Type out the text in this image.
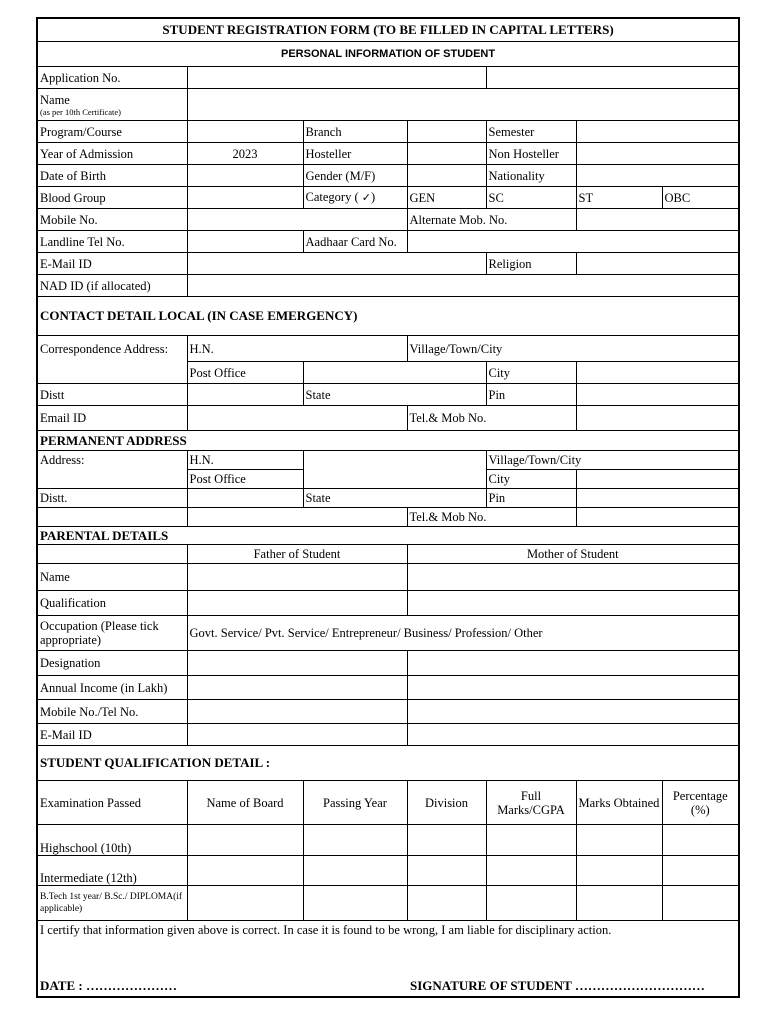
STUDENT REGISTRATION FORM (TO BE FILLED IN CAPITAL LETTERS)						
PERSONAL INFORMATION OF STUDENT						
Application No.						

Name
(as per 10th Certificate)						

Program/Course		Branch		Semester		
Year of Admission	2023	Hosteller		Non Hosteller		
Date of Birth		Gender (M/F)		Nationality		
Blood Group		Category ( ✓)	GEN	SC	ST	OBC
Mobile No.			Alternate Mob. No.			
Landline Tel No.		Aadhaar Card No.				
E-Mail ID				Religion		
NAD ID (if allocated)						
CONTACT DETAIL LOCAL (IN CASE EMERGENCY)						
Correspondence Address:	H.N.		Village/Town/City			
	Post Office			City		
Distt		State		Pin		
Email ID			Tel.& Mob No.			
PERMANENT ADDRESS						
Address:	H.N.			Village/Town/City		
	Post Office			City		
Distt.		State		Pin		
			Tel.& Mob No.			
PARENTAL DETAILS						
	Father of Student		Mother of Student			
Name						
Qualification						
Occupation (Please tick appropriate)	Govt. Service/ Pvt. Service/ Entrepreneur/ Business/ Profession/ Other					
Designation						
Annual Income (in Lakh)						
Mobile No./Tel No.						
E-Mail ID						
STUDENT QUALIFICATION DETAIL :						
Examination Passed	Name of Board	Passing Year	Division	Full Marks/CGPA	Marks Obtained	Percentage (%)
Highschool (10th)						
Intermediate (12th)						
B.Tech 1st year/ B.Sc./ DIPLOMA(if applicable)						

I certify that information given above is correct. In case it is found to be wrong, I am liable for disciplinary action.
DATE : ………………… SIGNATURE OF STUDENT …………………………						
